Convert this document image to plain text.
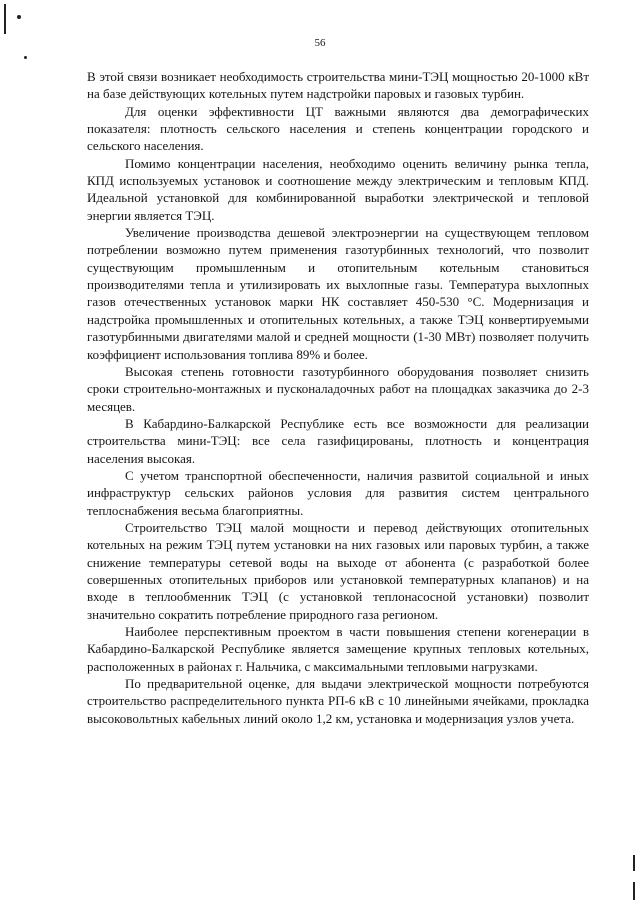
56

В этой связи возникает необходимость строительства мини-ТЭЦ мощностью 20-1000 кВт на базе действующих котельных путем надстройки паровых и газовых турбин.

Для оценки эффективности ЦТ важными являются два демографических показателя: плотность сельского населения и степень концентрации городского и сельского населения.

Помимо концентрации населения, необходимо оценить величину рынка тепла, КПД используемых установок и соотношение между электрическим и тепловым КПД. Идеальной установкой для комбинированной выработки электрической и тепловой энергии является ТЭЦ.

Увеличение производства дешевой электроэнергии на существующем тепловом потреблении возможно путем применения газотурбинных технологий, что позволит существующим промышленным и отопительным котельным становиться производителями тепла и утилизировать их выхлопные газы. Температура выхлопных газов отечественных установок марки НК составляет 450-530 °С. Модернизация и надстройка промышленных и отопительных котельных, а также ТЭЦ конвертируемыми газотурбинными двигателями малой и средней мощности (1-30 МВт) позволяет получить коэффициент использования топлива 89% и более.

Высокая степень готовности газотурбинного оборудования позволяет снизить сроки строительно-монтажных и пусконаладочных работ на площадках заказчика до 2-3 месяцев.

В Кабардино-Балкарской Республике есть все возможности для реализации строительства мини-ТЭЦ: все села газифицированы, плотность и концентрация населения высокая.

С учетом транспортной обеспеченности, наличия развитой социальной и иных инфраструктур сельских районов условия для развития систем центрального теплоснабжения весьма благоприятны.

Строительство ТЭЦ малой мощности и перевод действующих отопительных котельных на режим ТЭЦ путем установки на них газовых или паровых турбин, а также снижение температуры сетевой воды на выходе от абонента (с разработкой более совершенных отопительных приборов или установкой температурных клапанов) и на входе в теплообменник ТЭЦ (с установкой теплонасосной установки) позволит значительно сократить потребление природного газа регионом.

Наиболее перспективным проектом в части повышения степени когенерации в Кабардино-Балкарской Республике является замещение крупных тепловых котельных, расположенных в районах г. Нальчика, с максимальными тепловыми нагрузками.

По предварительной оценке, для выдачи электрической мощности потребуются строительство распределительного пункта РП-6 кВ с 10 линейными ячейками, прокладка высоковольтных кабельных линий около 1,2 км, установка и модернизация узлов учета.
